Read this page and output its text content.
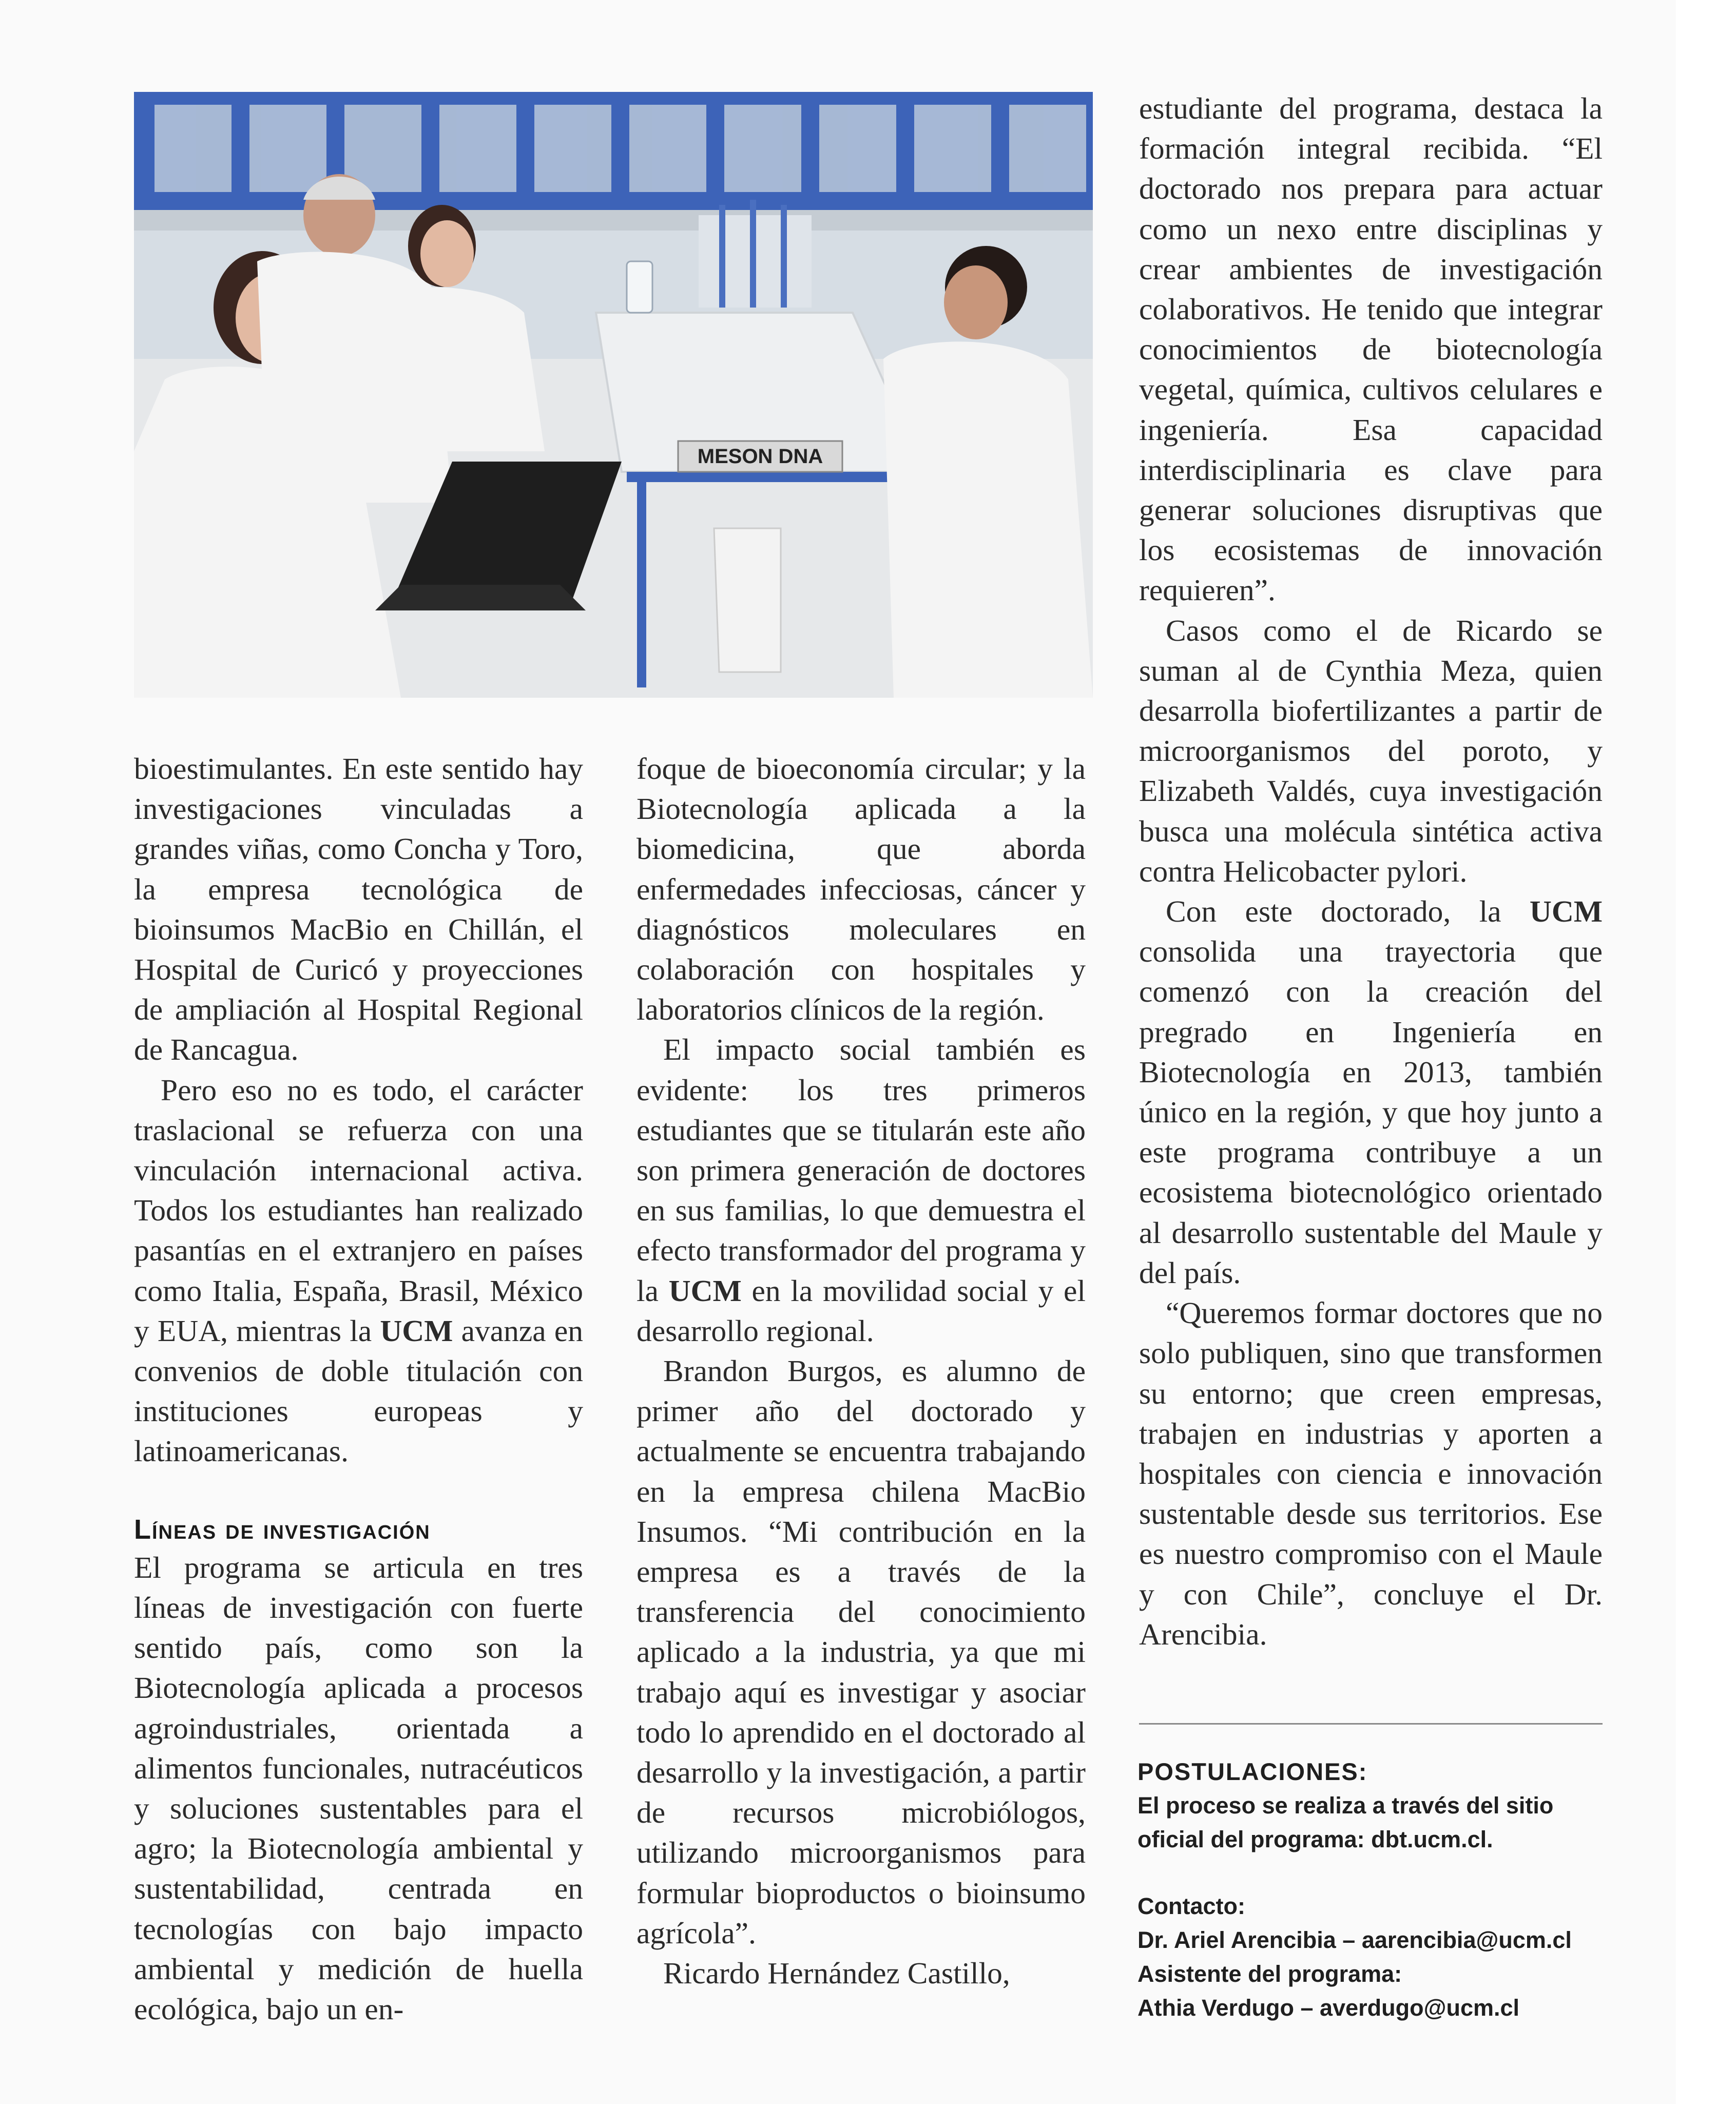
MESON DNA

bioestimulantes. En este sentido hay investigaciones vinculadas a grandes viñas, como Concha y Toro, la empresa tecnológica de bioinsumos MacBio en Chillán, el Hospital de Curicó y proyecciones de ampliación al Hospital Regional de Rancagua.

Pero eso no es todo, el carácter traslacional se refuerza con una vinculación internacional activa. Todos los estudiantes han realizado pasantías en el extranjero en países como Italia, España, Brasil, México y EUA, mientras la UCM avanza en convenios de doble titulación con instituciones europeas y latinoamericanas.

Líneas de investigación

El programa se articula en tres líneas de investigación con fuerte sentido país, como son la Biotecnología aplicada a procesos agroindustriales, orientada a alimentos funcionales, nutracéuticos y soluciones sustentables para el agro; la Biotecnología ambiental y sustentabilidad, centrada en tecnologías con bajo impacto ambiental y medición de huella ecológica, bajo un en-

foque de bioeconomía circular; y la Biotecnología aplicada a la biomedicina, que aborda enfermedades infecciosas, cáncer y diagnósticos moleculares en colaboración con hospitales y laboratorios clínicos de la región.

El impacto social también es evidente: los tres primeros estudiantes que se titularán este año son primera generación de doctores en sus familias, lo que demuestra el efecto transformador del programa y la UCM en la movilidad social y el desarrollo regional.

Brandon Burgos, es alumno de primer año del doctorado y actualmente se encuentra trabajando en la empresa chilena MacBio Insumos. “Mi contribución en la empresa es a través de la transferencia del conocimiento aplicado a la industria, ya que mi trabajo aquí es investigar y asociar todo lo aprendido en el doctorado al desarrollo y la investigación, a partir de recursos microbiólogos, utilizando microorganismos para formular bioproductos o bioinsumo agrícola”.

Ricardo Hernández Castillo,

estudiante del programa, destaca la formación integral recibida. “El doctorado nos prepara para actuar como un nexo entre disciplinas y crear ambientes de investigación colaborativos. He tenido que integrar conocimientos de biotecnología vegetal, química, cultivos celulares e ingeniería. Esa capacidad interdisciplinaria es clave para generar soluciones disruptivas que los ecosistemas de innovación requieren”.

Casos como el de Ricardo se suman al de Cynthia Meza, quien desarrolla biofertilizantes a partir de microorganismos del poroto, y Elizabeth Valdés, cuya investigación busca una molécula sintética activa contra Helicobacter pylori.

Con este doctorado, la UCM consolida una trayectoria que comenzó con la creación del pregrado en Ingeniería en Biotecnología en 2013, también único en la región, y que hoy junto a este programa contribuye a un ecosistema biotecnológico orientado al desarrollo sustentable del Maule y del país.

“Queremos formar doctores que no solo publiquen, sino que transformen su entorno; que creen empresas, trabajen en industrias y aporten a hospitales con ciencia e innovación sustentable desde sus territorios. Ese es nuestro compromiso con el Maule y con Chile”, concluye el Dr. Arencibia.

POSTULACIONES:
El proceso se realiza a través del sitio
oficial del programa: dbt.ucm.cl.
Contacto:
Dr. Ariel Arencibia – aarencibia@ucm.cl
Asistente del programa:
Athia Verdugo – averdugo@ucm.cl
